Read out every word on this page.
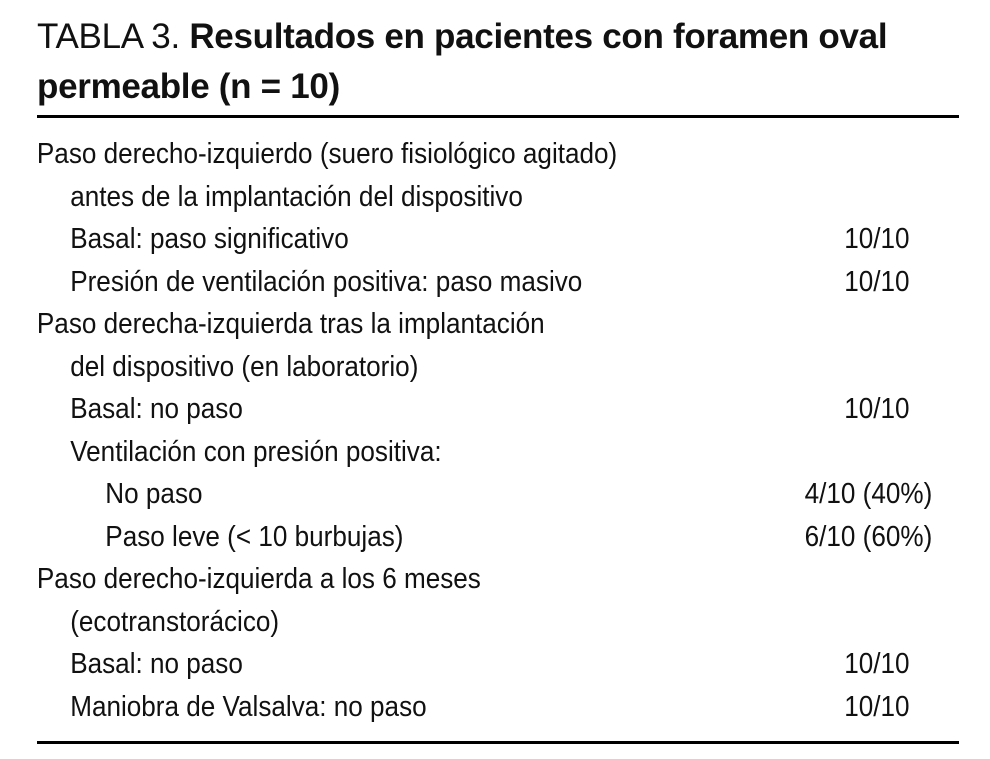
TABLA 3. Resultados en pacientes con foramen oval permeable (n = 10)
Paso derecho-izquierdo (suero fisiológico agitado)
antes de la implantación del dispositivo
Basal: paso significativo	10/10
Presión de ventilación positiva: paso masivo	10/10
Paso derecha-izquierda tras la implantación
del dispositivo (en laboratorio)
Basal: no paso	10/10
Ventilación con presión positiva:
No paso	4/10 (40%)
Paso leve (< 10 burbujas)	6/10 (60%)
Paso derecho-izquierda a los 6 meses
(ecotranstorácico)
Basal: no paso	10/10
Maniobra de Valsalva: no paso	10/10
